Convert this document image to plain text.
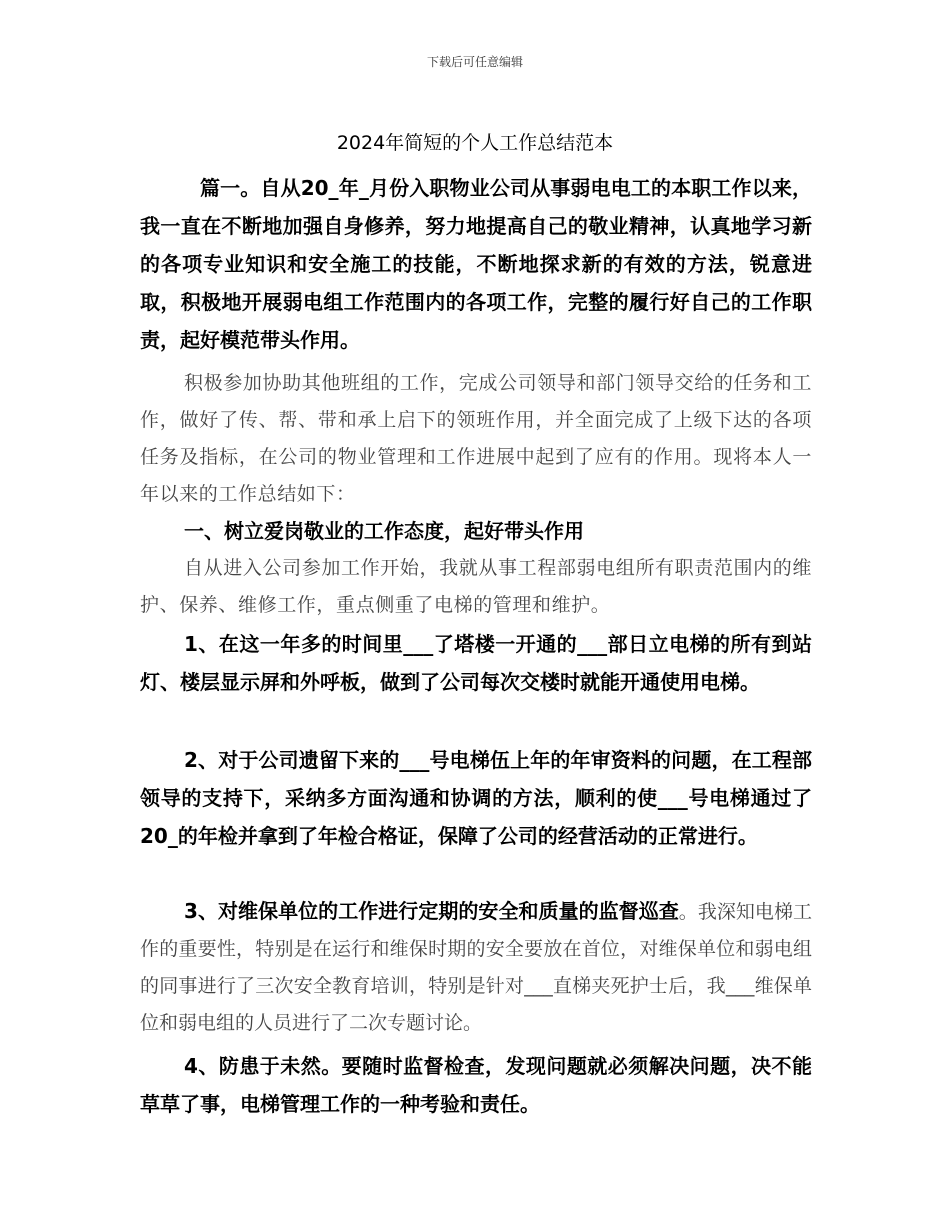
下载后可任意编辑
2024年简短的个人工作总结范本

篇一。自从20_年_月份入职物业公司从事弱电电工的本职工作以来，我一直在不断地加强自身修养，努力地提高自己的敬业精神，认真地学习新的各项专业知识和安全施工的技能，不断地探求新的有效的方法，锐意进取，积极地开展弱电组工作范围内的各项工作，完整的履行好自己的工作职责，起好模范带头作用。

积极参加协助其他班组的工作，完成公司领导和部门领导交给的任务和工作，做好了传、帮、带和承上启下的领班作用，并全面完成了上级下达的各项任务及指标，在公司的物业管理和工作进展中起到了应有的作用。现将本人一年以来的工作总结如下：

一、树立爱岗敬业的工作态度，起好带头作用

自从进入公司参加工作开始，我就从事工程部弱电组所有职责范围内的维护、保养、维修工作，重点侧重了电梯的管理和维护。

1、在这一年多的时间里___了塔楼一开通的___部日立电梯的所有到站灯、楼层显示屏和外呼板，做到了公司每次交楼时就能开通使用电梯。

2、对于公司遗留下来的___号电梯伍上年的年审资料的问题，在工程部领导的支持下，采纳多方面沟通和协调的方法，顺利的使___号电梯通过了20_的年检并拿到了年检合格证，保障了公司的经营活动的正常进行。

3、对维保单位的工作进行定期的安全和质量的监督巡查。我深知电梯工作的重要性，特别是在运行和维保时期的安全要放在首位，对维保单位和弱电组的同事进行了三次安全教育培训，特别是针对___直梯夹死护士后，我___维保单位和弱电组的人员进行了二次专题讨论。

4、防患于未然。要随时监督检查，发现问题就必须解决问题，决不能草草了事，电梯管理工作的一种考验和责任。
